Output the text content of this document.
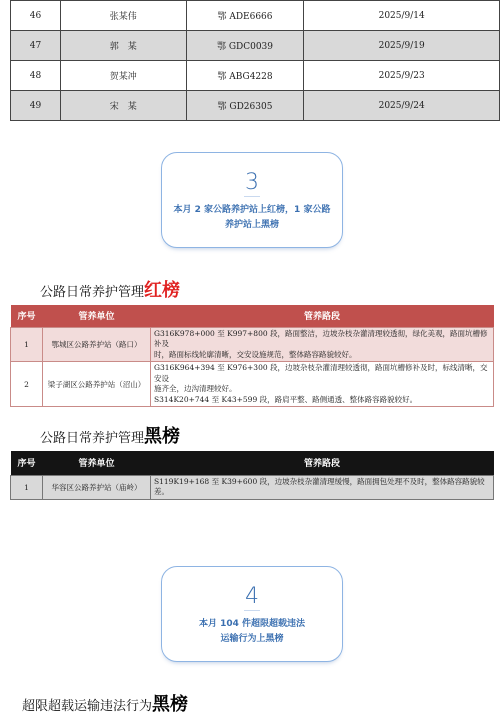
46	张某伟	鄂 ADE6666	2025/9/14
47	郭　某	鄂 GDC0039	2025/9/19
48	贺某冲	鄂 ABG4228	2025/9/23
49	宋　某	鄂 GD26305	2025/9/24
3
本月 2 家公路养护站上红榜，1 家公路
养护站上黑榜
公路日常养护管理红榜
序号	管养单位	管养路段
1	鄂城区公路养护站（路口）	G316K978+000 至 K997+800 段，路面整洁，边坡杂枝杂灌清理较透彻，绿化美观，路面坑槽修补及
时，路面标线轮廓清晰，交安设施规范，整体路容路貌较好。

2	梁子湖区公路养护站（沼山）	G316K964+394 至 K976+300 段，边坡杂枝杂灌清理较透彻，路面坑槽修补及时，标线清晰，交安设
施齐全，边沟清理较好。
S314K20+744 至 K43+599 段，路肩平整、路侧通透、整体路容路貌较好。
公路日常养护管理黑榜
序号	管养单位	管养路段
1	华容区公路养护站（庙岭）	S119K19+168 至 K39+600 段，边坡杂枝杂灌清理缓慢，路面拥包处理不及时，整体路容路貌较差。
4
本月 104 件超限超载违法
运输行为上黑榜
超限超载运输违法行为黑榜
